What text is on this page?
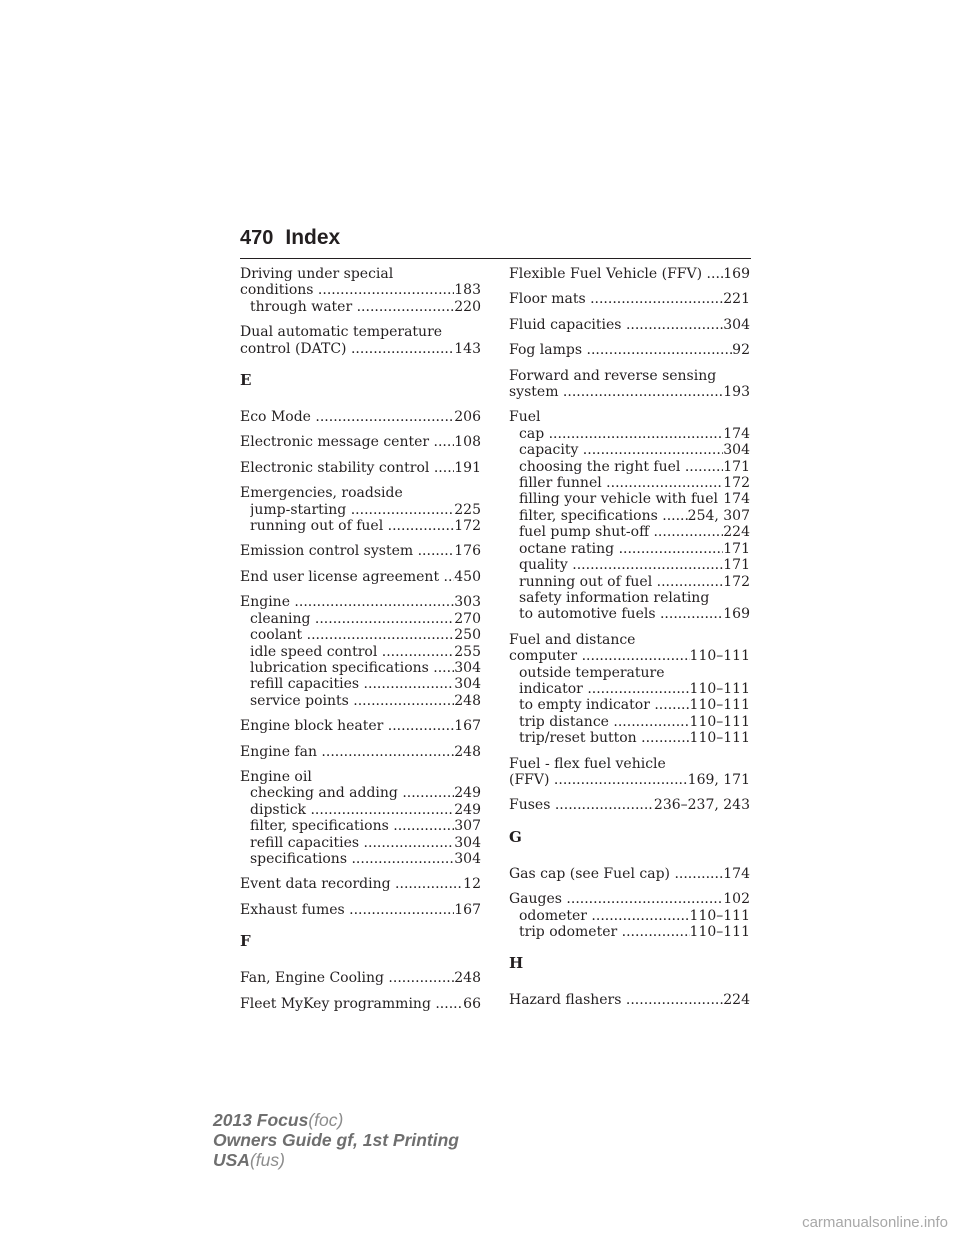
470 Index
Driving under special
conditions .....	183
through water .....	220
Dual automatic temperature
control (DATC) .....	143
E
Eco Mode .....	206
Electronic message center .....	108
Electronic stability control .....	191
Emergencies, roadside
jump-starting .....	225
running out of fuel .....	172
Emission control system .....	176
End user license agreement .....	450
Engine .....	303
cleaning .....	270
coolant .....	250
idle speed control .....	255
lubrication specifications .....	304
refill capacities .....	304
service points .....	248
Engine block heater .....	167
Engine fan .....	248
Engine oil
checking and adding .....	249
dipstick .....	249
filter, specifications .....	307
refill capacities .....	304
specifications .....	304
Event data recording .....	12
Exhaust fumes .....	167
F
Fan, Engine Cooling .....	248
Fleet MyKey programming .....	66
Flexible Fuel Vehicle (FFV) .....	169
Floor mats .....	221
Fluid capacities .....	304
Fog lamps .....	92
Forward and reverse sensing
system .....	193
Fuel
cap .....	174
capacity .....	304
choosing the right fuel .....	171
filler funnel .....	172
filling your vehicle with fuel ..... 174
filter, specifications .....	254, 307
fuel pump shut-off .....	224
octane rating .....	171
quality .....	171
running out of fuel .....	172
safety information relating
to automotive fuels .....	169
Fuel and distance
computer .....	110–111
outside temperature
indicator .....	110–111
to empty indicator .....	110–111
trip distance .....	110–111
trip/reset button .....	110–111
Fuel - flex fuel vehicle
(FFV) .....	169, 171
Fuses .....	236–237, 243
G
Gas cap (see Fuel cap) .....	174
Gauges .....	102
odometer .....	110–111
trip odometer .....	110–111
H
Hazard flashers .....	224
2013 Focus(foc)
Owners Guide gf, 1st Printing
USA(fus)
carmanualsonline.info
